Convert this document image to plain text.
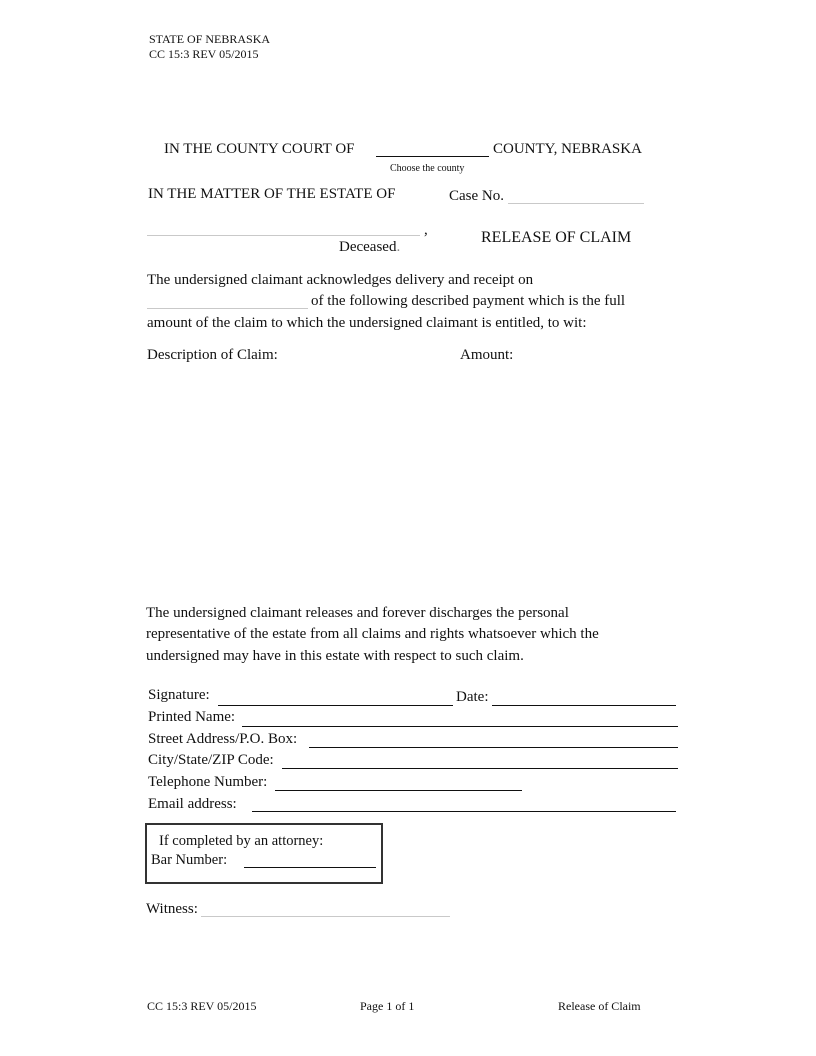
STATE OF NEBRASKA
CC 15:3 REV 05/2015
IN THE COUNTY COURT OF	COUNTY, NEBRASKA
Choose the county
IN THE MATTER OF THE ESTATE OF	Case No.
,
Deceased.
RELEASE OF CLAIM
The undersigned claimant acknowledges delivery and receipt on
of the following described payment which is the full
amount of the claim to which the undersigned claimant is entitled, to wit:
Description of Claim:	Amount:
The undersigned claimant releases and forever discharges the personal
representative of the estate from all claims and rights whatsoever which the
undersigned may have in this estate with respect to such claim.
Signature:	Date:
Printed Name:
Street Address/P.O. Box:
City/State/ZIP Code:
Telephone Number:
Email address:
If completed by an attorney:
Bar Number:
Witness:
CC 15:3 REV 05/2015	Page 1 of 1	Release of Claim
